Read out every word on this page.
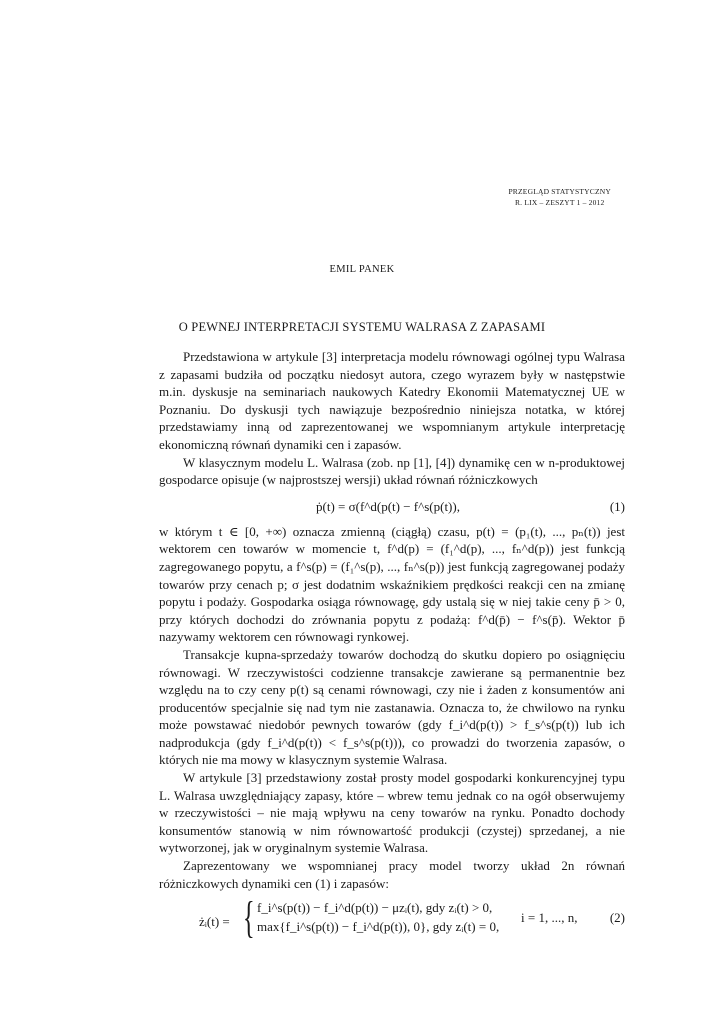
PRZEGLĄD STATYSTYCZNY
R. LIX – ZESZYT 1 – 2012
EMIL PANEK
O PEWNEJ INTERPRETACJI SYSTEMU WALRASA Z ZAPASAMI

Przedstawiona w artykule [3] interpretacja modelu równowagi ogólnej typu Walrasa z zapasami budziła od początku niedosyt autora, czego wyrazem były w następstwie m.in. dyskusje na seminariach naukowych Katedry Ekonomii Matematycznej UE w Poznaniu. Do dyskusji tych nawiązuje bezpośrednio niniejsza notatka, w której przedstawiamy inną od zaprezentowanej we wspomnianym artykule interpretację ekonomiczną równań dynamiki cen i zapasów.

W klasycznym modelu L. Walrasa (zob. np [1], [4]) dynamikę cen w n-produktowej gospodarce opisuje (w najprostszej wersji) układ równań różniczkowych

ṗ(t) = σ(f^d(p(t) − f^s(p(t)),	(1)

w którym t ∈ [0, +∞) oznacza zmienną (ciągłą) czasu, p(t) = (p₁(t), ..., pₙ(t)) jest wektorem cen towarów w momencie t, f^d(p) = (f₁^d(p), ..., fₙ^d(p)) jest funkcją zagregowanego popytu, a f^s(p) = (f₁^s(p), ..., fₙ^s(p)) jest funkcją zagregowanej podaży towarów przy cenach p; σ jest dodatnim wskaźnikiem prędkości reakcji cen na zmianę popytu i podaży. Gospodarka osiąga równowagę, gdy ustalą się w niej takie ceny p̄ > 0, przy których dochodzi do zrównania popytu z podażą: f^d(p̄) − f^s(p̄). Wektor p̄ nazywamy wektorem cen równowagi rynkowej.

Transakcje kupna-sprzedaży towarów dochodzą do skutku dopiero po osiągnięciu równowagi. W rzeczywistości codzienne transakcje zawierane są permanentnie bez względu na to czy ceny p(t) są cenami równowagi, czy nie i żaden z konsumentów ani producentów specjalnie się nad tym nie zastanawia. Oznacza to, że chwilowo na rynku może powstawać niedobór pewnych towarów (gdy f_i^d(p(t)) > f_s^s(p(t)) lub ich nadprodukcja (gdy f_i^d(p(t)) < f_s^s(p(t))), co prowadzi do tworzenia zapasów, o których nie ma mowy w klasycznym systemie Walrasa.

W artykule [3] przedstawiony został prosty model gospodarki konkurencyjnej typu L. Walrasa uwzględniający zapasy, które – wbrew temu jednak co na ogół obserwujemy w rzeczywistości – nie mają wpływu na ceny towarów na rynku. Ponadto dochody konsumentów stanowią w nim równowartość produkcji (czystej) sprzedanej, a nie wytworzonej, jak w oryginalnym systemie Walrasa.

Zaprezentowany we wspomnianej pracy model tworzy układ 2n równań różniczkowych dynamiki cen (1) i zapasów:

żᵢ(t) = { f_i^s(p(t)) − f_i^d(p(t)) − μzᵢ(t), gdy zᵢ(t) > 0,
max{f_i^s(p(t)) − f_i^d(p(t)), 0}, gdy zᵢ(t) = 0,
i = 1, ..., n, (2)
